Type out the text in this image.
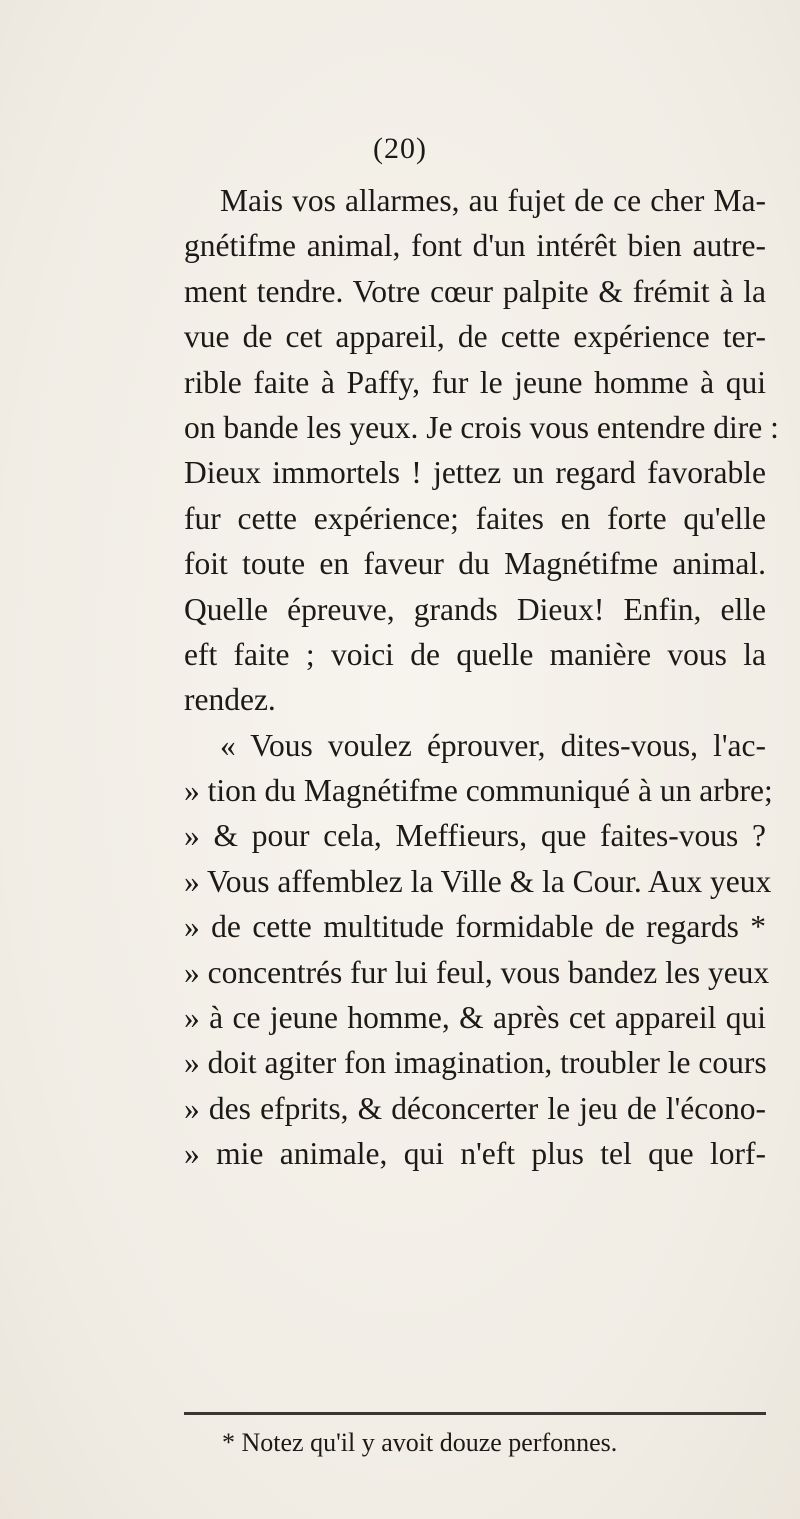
(20)
Mais vos allarmes, au fujet de ce cher Ma-
gnétifme animal, font d'un intérêt bien autre-
ment tendre. Votre cœur palpite & frémit à la
vue de cet appareil, de cette expérience ter-
rible faite à Paffy, fur le jeune homme à qui
on bande les yeux. Je crois vous entendre dire :
Dieux immortels ! jettez un regard favorable
fur cette expérience; faites en forte qu'elle
foit toute en faveur du Magnétifme animal.
Quelle épreuve, grands Dieux! Enfin, elle
eft faite ; voici de quelle manière vous la
rendez.
« Vous voulez éprouver, dites-vous, l'ac-
» tion du Magnétifme communiqué à un arbre;
» & pour cela, Meffieurs, que faites-vous ?
» Vous affemblez la Ville & la Cour. Aux yeux
» de cette multitude formidable de regards *
» concentrés fur lui feul, vous bandez les yeux
» à ce jeune homme, & après cet appareil qui
» doit agiter fon imagination, troubler le cours
» des efprits, & déconcerter le jeu de l'écono-
» mie animale, qui n'eft plus tel que lorf-
* Notez qu'il y avoit douze perfonnes.
